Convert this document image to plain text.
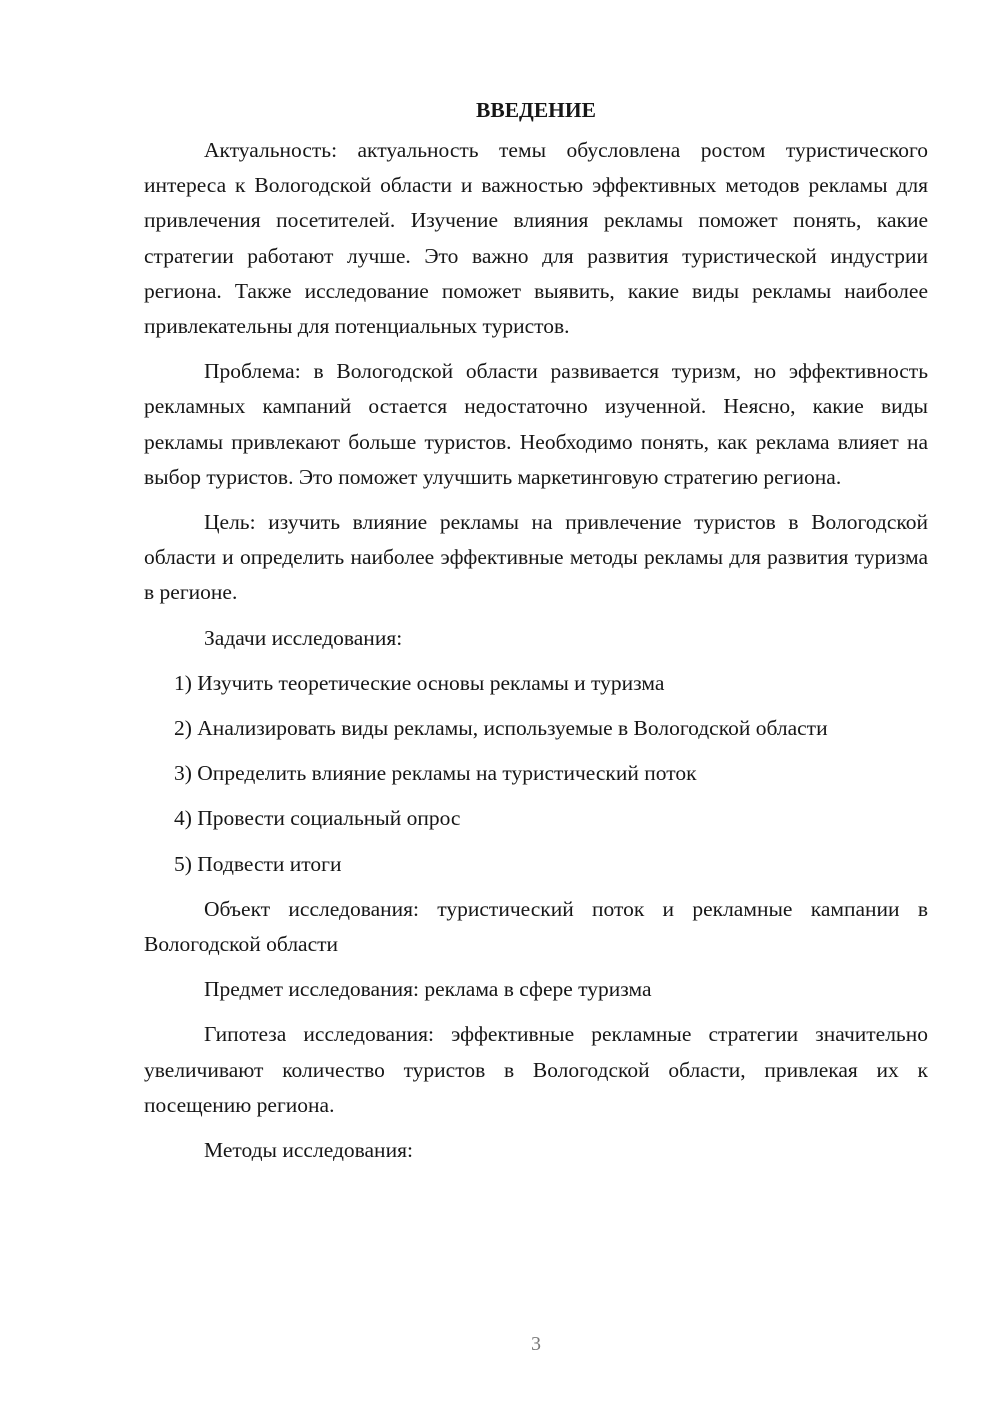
ВВЕДЕНИЕ

Актуальность: актуальность темы обусловлена ростом туристического интереса к Вологодской области и важностью эффективных методов рекламы для привлечения посетителей. Изучение влияния рекламы поможет понять, какие стратегии работают лучше. Это важно для развития туристической индустрии региона. Также исследование поможет выявить, какие виды рекламы наиболее привлекательны для потенциальных туристов.

Проблема: в Вологодской области развивается туризм, но эффективность рекламных кампаний остается недостаточно изученной. Неясно, какие виды рекламы привлекают больше туристов. Необходимо понять, как реклама влияет на выбор туристов. Это поможет улучшить маркетинговую стратегию региона.

Цель: изучить влияние рекламы на привлечение туристов в Вологодской области и определить наиболее эффективные методы рекламы для развития туризма в регионе.

Задачи исследования:

1) Изучить теоретические основы рекламы и туризма

2) Анализировать виды рекламы, используемые в Вологодской области

3) Определить влияние рекламы на туристический поток

4) Провести социальный опрос

5) Подвести итоги

Объект исследования: туристический поток и рекламные кампании в Вологодской области

Предмет исследования: реклама в сфере туризма

Гипотеза исследования: эффективные рекламные стратегии значительно увеличивают количество туристов в Вологодской области, привлекая их к посещению региона.

Методы исследования:

3
